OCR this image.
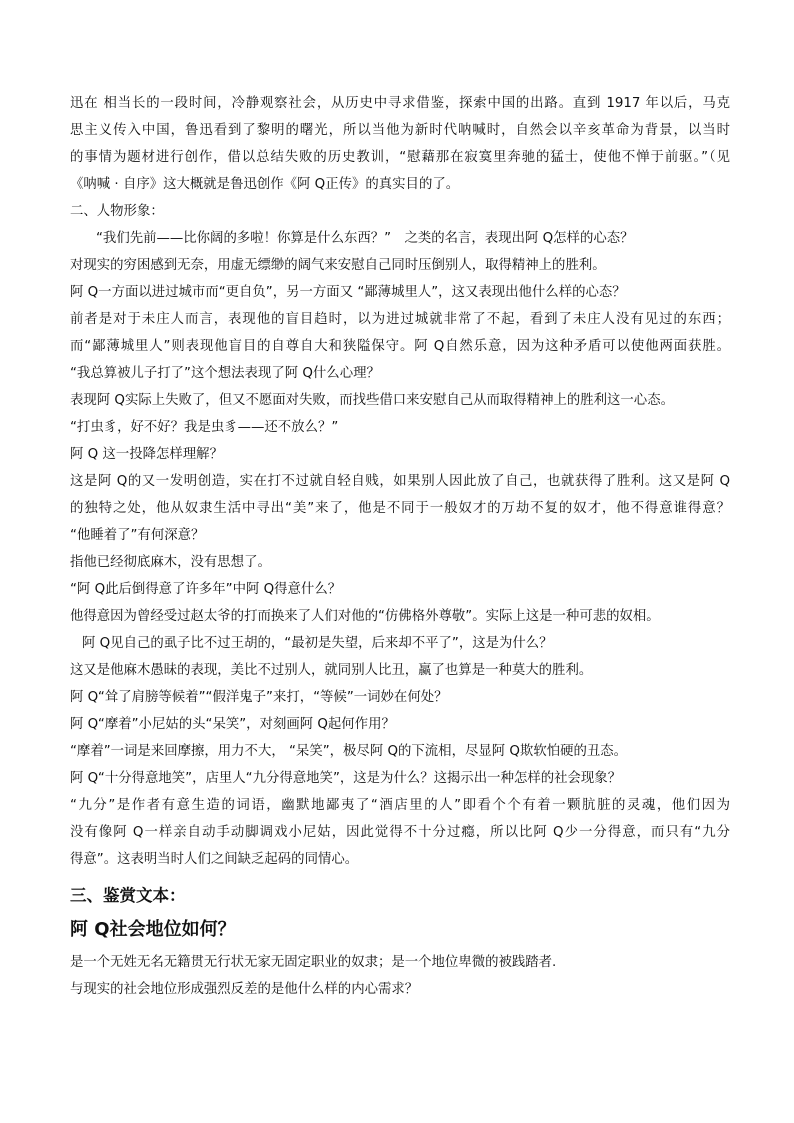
迅在 相当长的一段时间，冷静观察社会，从历史中寻求借鉴，探索中国的出路。直到 1917 年以后，马克
思主义传入中国，鲁迅看到了黎明的曙光，所以当他为新时代呐喊时，自然会以辛亥革命为背景，以当时
的事情为题材进行创作，借以总结失败的历史教训，“慰藉那在寂寞里奔驰的猛士，使他不惮于前驱。”（见
《呐喊 · 自序》这大概就是鲁迅创作《阿 Q正传》的真实目的了。
二、人物形象：
“我们先前——比你阔的多啦！你算是什么东西？”　之类的名言，表现出阿 Q怎样的心态？
对现实的穷困感到无奈，用虚无缥缈的阔气来安慰自己同时压倒别人，取得精神上的胜利。
阿 Q一方面以进过城市而“更自负”，另一方面又 “鄙薄城里人”，这又表现出他什么样的心态？
前者是对于未庄人而言，表现他的盲目趋时，以为进过城就非常了不起，看到了未庄人没有见过的东西；
而“鄙薄城里人”则表现他盲目的自尊自大和狭隘保守。阿 Q自然乐意，因为这种矛盾可以使他两面获胜。
“我总算被儿子打了”这个想法表现了阿 Q什么心理？
表现阿 Q实际上失败了，但又不愿面对失败，而找些借口来安慰自己从而取得精神上的胜利这一心态。
“打虫豸，好不好？我是虫豸——还不放么？”
阿 Q 这一投降怎样理解？
这是阿 Q的又一发明创造，实在打不过就自轻自贱，如果别人因此放了自己，也就获得了胜利。这又是阿 Q
的独特之处，他从奴隶生活中寻出“美”来了，他是不同于一般奴才的万劫不复的奴才，他不得意谁得意？
“他睡着了”有何深意？
指他已经彻底麻木，没有思想了。
“阿 Q此后倒得意了许多年”中阿 Q得意什么？
他得意因为曾经受过赵太爷的打而换来了人们对他的“仿佛格外尊敬”。实际上这是一种可悲的奴相。
阿 Q见自己的虱子比不过王胡的，“最初是失望，后来却不平了”，这是为什么？
这又是他麻木愚昧的表现，美比不过别人，就同别人比丑，赢了也算是一种莫大的胜利。
阿 Q“耸了肩膀等候着”“假洋鬼子”来打，“等候”一词妙在何处？
阿 Q“摩着”小尼姑的头“呆笑”，对刻画阿 Q起何作用？
“摩着”一词是来回摩擦，用力不大， “呆笑”，极尽阿 Q的下流相，尽显阿 Q欺软怕硬的丑态。
阿 Q“十分得意地笑”，店里人“九分得意地笑”，这是为什么？这揭示出一种怎样的社会现象？
“九分”是作者有意生造的词语，幽默地鄙夷了“酒店里的人”即看个个有着一颗肮脏的灵魂，他们因为
没有像阿 Q一样亲自动手动脚调戏小尼姑，因此觉得不十分过瘾，所以比阿 Q少一分得意，而只有“九分
得意”。这表明当时人们之间缺乏起码的同情心。
三、鉴赏文本：
阿 Q社会地位如何？
是一个无姓无名无籍贯无行状无家无固定职业的奴隶；是一个地位卑微的被践踏者.
与现实的社会地位形成强烈反差的是他什么样的内心需求？
